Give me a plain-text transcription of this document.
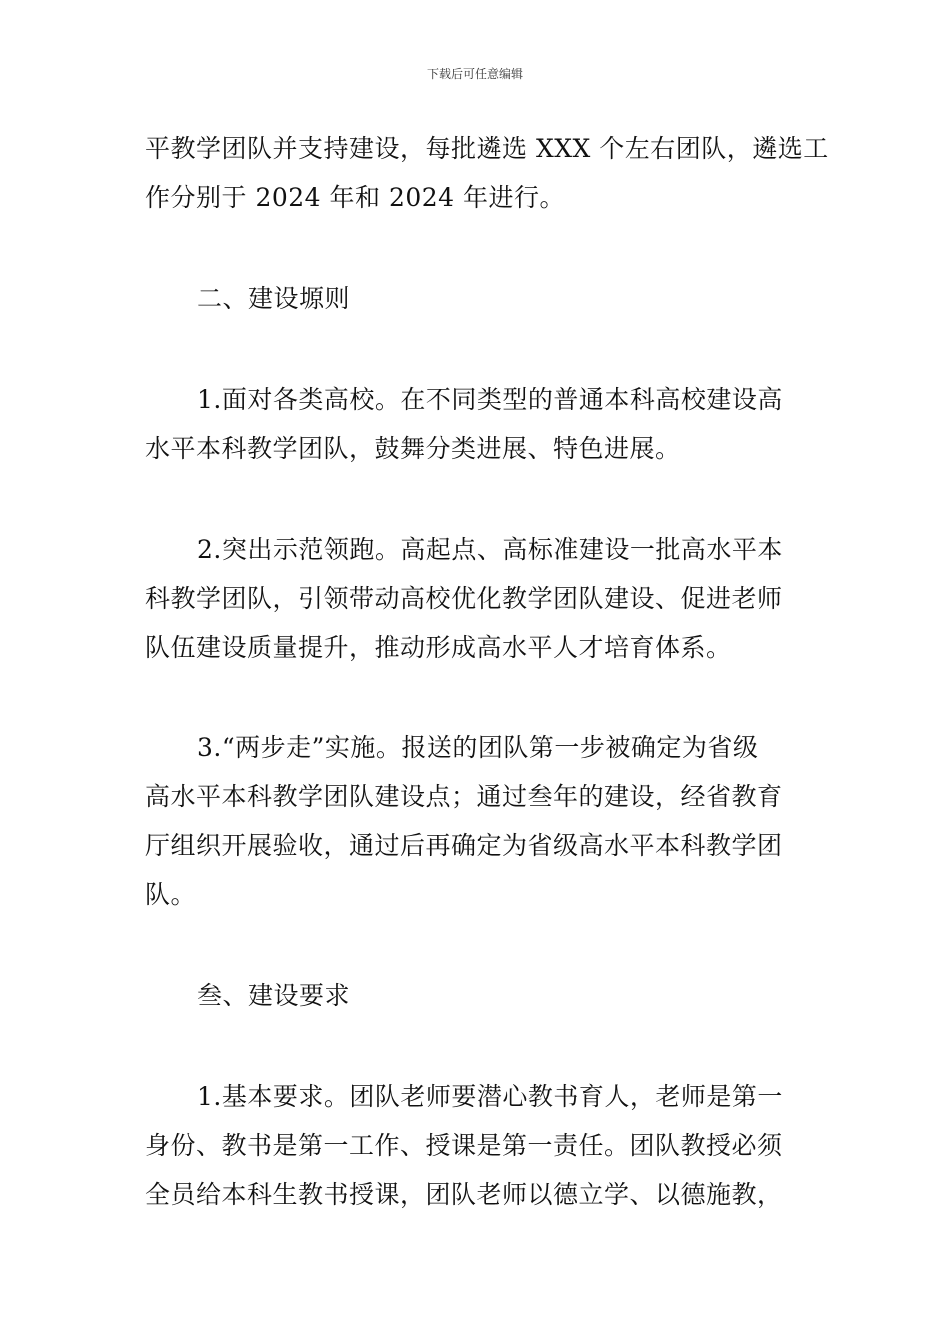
下载后可任意编辑
平教学团队并支持建设，每批遴选 XXX 个左右团队，遴选工
作分别于 2024 年和 2024 年进行。
二、建设塬则
1.面对各类高校。在不同类型的普通本科高校建设高
水平本科教学团队，鼓舞分类进展、特色进展。
2.突出示范领跑。高起点、高标准建设一批高水平本
科教学团队，引领带动高校优化教学团队建设、促进老师
队伍建设质量提升，推动形成高水平人才培育体系。
3.“两步走”实施。报送的团队第一步被确定为省级
高水平本科教学团队建设点；通过叁年的建设，经省教育
厅组织开展验收，通过后再确定为省级高水平本科教学团
队。
叁、建设要求
1.基本要求。团队老师要潜心教书育人，老师是第一
身份、教书是第一工作、授课是第一责任。团队教授必须
全员给本科生教书授课，团队老师以德立学、以德施教，
